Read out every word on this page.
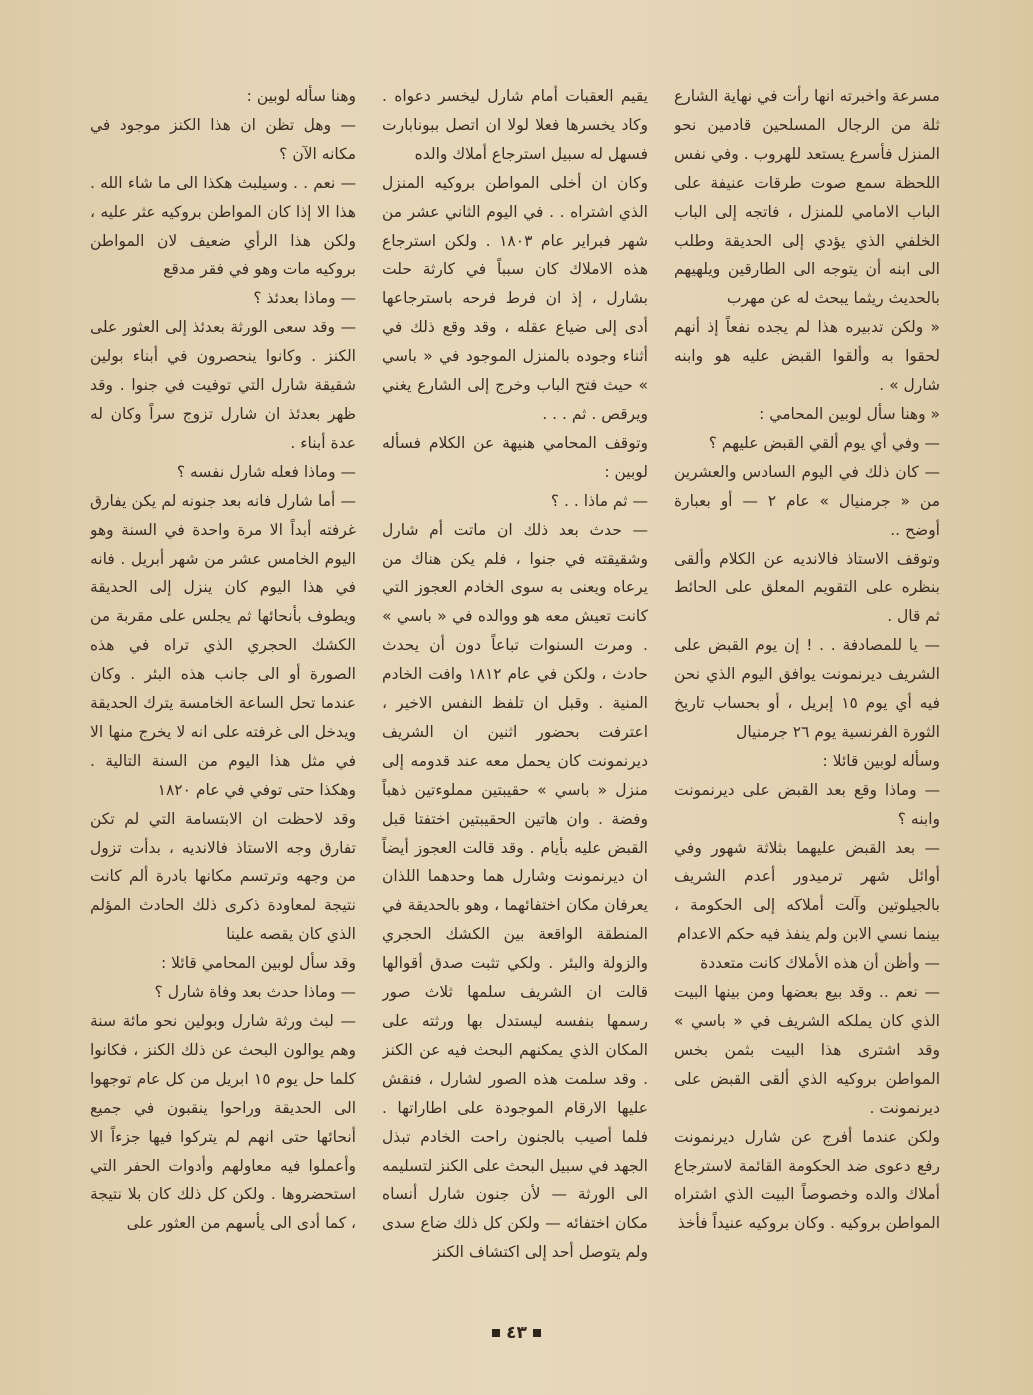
مسرعة واخبرته انها رأت في نهاية الشارع ثلة من الرجال المسلحين قادمين نحو المنزل فأسرع يستعد للهروب . وفي نفس اللحظة سمع صوت طرقات عنيفة على الباب الامامي للمنزل ، فاتجه إلى الباب الخلفي الذي يؤدي إلى الحديقة وطلب الى ابنه أن يتوجه الى الطارقين ويلهيهم بالحديث ريثما يبحث له عن مهرب

« ولكن تدبيره هذا لم يجده نفعاً إذ أنهم لحقوا به وألقوا القبض عليه هو وابنه شارل » .

« وهنا سأل لوبين المحامي :

— وفي أي يوم ألقي القبض عليهم ؟

— كان ذلك في اليوم السادس والعشرين من « جرمنيال » عام ٢ — أو بعبارة أوضح ..

وتوقف الاستاذ فالانديه عن الكلام وألقى بنظره على التقويم المعلق على الحائط ثم قال .

— يا للمصادفة . . ! إن يوم القبض على الشريف ديرنمونت يوافق اليوم الذي نحن فيه أي يوم ١٥ إبريل ، أو بحساب تاريخ الثورة الفرنسية يوم ٢٦ جرمنيال

وسأله لوبين قائلا :

— وماذا وقع بعد القبض على ديرنمونت وابنه ؟

— بعد القبض عليهما بثلاثة شهور وفي أوائل شهر ترميدور أعدم الشريف بالجيلوتين وآلت أملاكه إلى الحكومة ، بينما نسي الابن ولم ينفذ فيه حكم الاعدام

— وأظن أن هذه الأملاك كانت متعددة

— نعم .. وقد بيع بعضها ومن بينها البيت الذي كان يملكه الشريف في « باسي » وقد اشترى هذا البيت بثمن بخس المواطن بروكيه الذي ألقى القبض على ديرنمونت .

ولكن عندما أفرج عن شارل ديرنمونت رفع دعوى ضد الحكومة القائمة لاسترجاع أملاك والده وخصوصاً البيت الذي اشتراه المواطن بروكيه . وكان بروكيه عنيداً فأخذ

يقيم العقبات أمام شارل ليخسر دعواه . وكاد يخسرها فعلا لولا ان اتصل ببونابارت فسهل له سبيل استرجاع أملاك والده

وكان ان أخلى المواطن بروكيه المنزل الذي اشتراه . . في اليوم الثاني عشر من شهر فبراير عام ١٨٠٣ . ولكن استرجاع هذه الاملاك كان سبباً في كارثة حلت بشارل ، إذ ان فرط فرحه باسترجاعها أدى إلى ضياع عقله ، وقد وقع ذلك في أثناء وجوده بالمنزل الموجود في « باسي » حيث فتح الباب وخرج إلى الشارع يغني ويرقص . ثم . . .

وتوقف المحامي هنيهة عن الكلام فسأله لوبين :

— ثم ماذا . . ؟

— حدث بعد ذلك ان ماتت أم شارل وشقيقته في جنوا ، فلم يكن هناك من يرعاه ويعنى به سوى الخادم العجوز التي كانت تعيش معه هو ووالده في « باسي » . ومرت السنوات تباعاً دون أن يحدث حادث ، ولكن في عام ١٨١٢ وافت الخادم المنية . وقبل ان تلفظ النفس الاخير ، اعترفت بحضور اثنين ان الشريف ديرنمونت كان يحمل معه عند قدومه إلى منزل « باسي » حقيبتين مملوءتين ذهباً وفضة . وان هاتين الحقيبتين اختفتا قبل القبض عليه بأيام . وقد قالت العجوز أيضاً ان ديرنمونت وشارل هما وحدهما اللذان يعرفان مكان اختفائهما ، وهو بالحديقة في المنطقة الواقعة بين الكشك الحجري والزولة والبئر . ولكي تثبت صدق أقوالها قالت ان الشريف سلمها ثلاث صور رسمها بنفسه ليستدل بها ورثته على المكان الذي يمكنهم البحث فيه عن الكنز . وقد سلمت هذه الصور لشارل ، فنقش عليها الارقام الموجودة على اطاراتها . فلما أصيب بالجنون راحت الخادم تبذل الجهد في سبيل البحث على الكنز لتسليمه الى الورثة — لأن جنون شارل أنساه مكان اختفائه — ولكن كل ذلك ضاع سدى ولم يتوصل أحد إلى اكتشاف الكنز

وهنا سأله لوبين :

— وهل تظن ان هذا الكنز موجود في مكانه الآن ؟

— نعم . . وسيلبث هكذا الى ما شاء الله . هذا الا إذا كان المواطن بروكيه عثر عليه ، ولكن هذا الرأي ضعيف لان المواطن بروكيه مات وهو في فقر مدقع

— وماذا بعدئذ ؟

— وقد سعى الورثة بعدئذ إلى العثور على الكنز . وكانوا ينحصرون في أبناء بولين شقيقة شارل التي توفيت في جنوا . وقد ظهر بعدئذ ان شارل تزوج سراً وكان له عدة أبناء .

— وماذا فعله شارل نفسه ؟

— أما شارل فانه بعد جنونه لم يكن يفارق غرفته أبداً الا مرة واحدة في السنة وهو اليوم الخامس عشر من شهر أبريل . فانه في هذا اليوم كان ينزل إلى الحديقة ويطوف بأنحائها ثم يجلس على مقربة من الكشك الحجري الذي تراه في هذه الصورة أو الى جانب هذه البئر . وكان عندما تحل الساعة الخامسة يترك الحديقة ويدخل الى غرفته على انه لا يخرج منها الا في مثل هذا اليوم من السنة التالية . وهكذا حتى توفي في عام ١٨٢٠

وقد لاحظت ان الابتسامة التي لم تكن تفارق وجه الاستاذ فالانديه ، بدأت تزول من وجهه وترتسم مكانها بادرة ألم كانت نتيجة لمعاودة ذكرى ذلك الحادث المؤلم الذي كان يقصه علينا

وقد سأل لوبين المحامي قائلا :

— وماذا حدث بعد وفاة شارل ؟

— لبث ورثة شارل وبولين نحو مائة سنة وهم يوالون البحث عن ذلك الكنز ، فكانوا كلما حل يوم ١٥ ابريل من كل عام توجهوا الى الحديقة وراحوا ينقبون في جميع أنحائها حتى انهم لم يتركوا فيها جزءاً الا وأعملوا فيه معاولهم وأدوات الحفر التي استحضروها . ولكن كل ذلك كان بلا نتيجة ، كما أدى الى يأسهم من العثور على

٤٣
